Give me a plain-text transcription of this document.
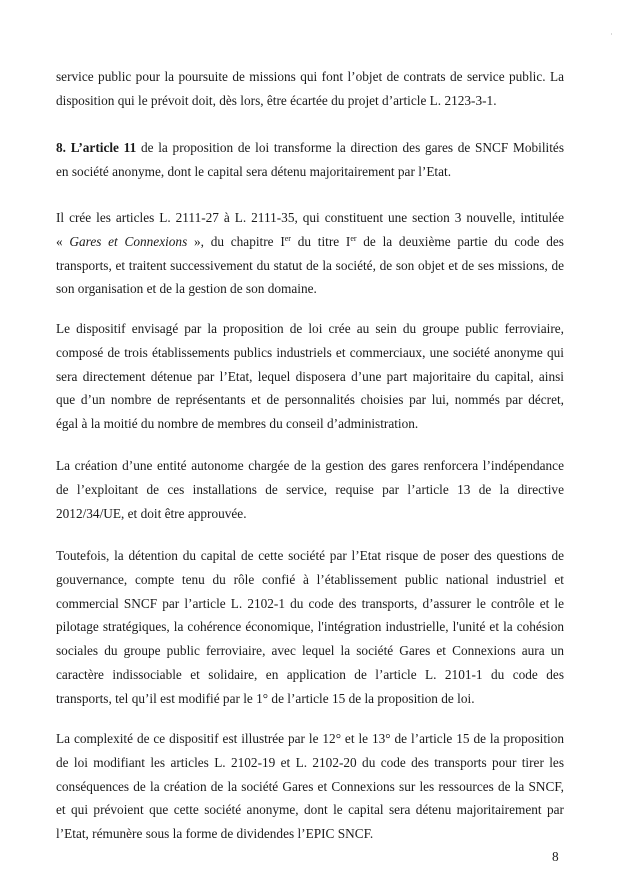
service public pour la poursuite de missions qui font l’objet de contrats de service public. La
disposition qui le prévoit doit, dès lors, être écartée du projet d’article L. 2123-3-1.
8. L’article 11 de la proposition de loi transforme la direction des gares de SNCF Mobilités
en société anonyme, dont le capital sera détenu majoritairement par l’Etat.
Il crée les articles L. 2111-27 à L. 2111-35, qui constituent une section 3 nouvelle, intitulée
« Gares et Connexions », du chapitre Ier du titre Ier de la deuxième partie du code des
transports, et traitent successivement du statut de la société, de son objet et de ses missions, de
son organisation et de la gestion de son domaine.
Le dispositif envisagé par la proposition de loi crée au sein du groupe public ferroviaire,
composé de trois établissements publics industriels et commerciaux, une société anonyme qui
sera directement détenue par l’Etat, lequel disposera d’une part majoritaire du capital, ainsi
que d’un nombre de représentants et de personnalités choisies par lui, nommés par décret,
égal à la moitié du nombre de membres du conseil d’administration.
La création d’une entité autonome chargée de la gestion des gares renforcera l’indépendance
de l’exploitant de ces installations de service, requise par l’article 13 de la directive
2012/34/UE, et doit être approuvée.
Toutefois, la détention du capital de cette société par l’Etat risque de poser des questions de
gouvernance, compte tenu du rôle confié à l’établissement public national industriel et
commercial SNCF par l’article L. 2102-1 du code des transports, d’assurer le contrôle et le
pilotage stratégiques, la cohérence économique, l'intégration industrielle, l'unité et la cohésion
sociales du groupe public ferroviaire, avec lequel la société Gares et Connexions aura un
caractère indissociable et solidaire, en application de l’article L. 2101-1 du code des
transports, tel qu’il est modifié par le 1° de l’article 15 de la proposition de loi.
La complexité de ce dispositif est illustrée par le 12° et le 13° de l’article 15 de la proposition
de loi modifiant les articles L. 2102-19 et L. 2102-20 du code des transports pour tirer les
conséquences de la création de la société Gares et Connexions sur les ressources de la SNCF,
et qui prévoient que cette société anonyme, dont le capital sera détenu majoritairement par
l’Etat, rémunère sous la forme de dividendes l’EPIC SNCF.
8
